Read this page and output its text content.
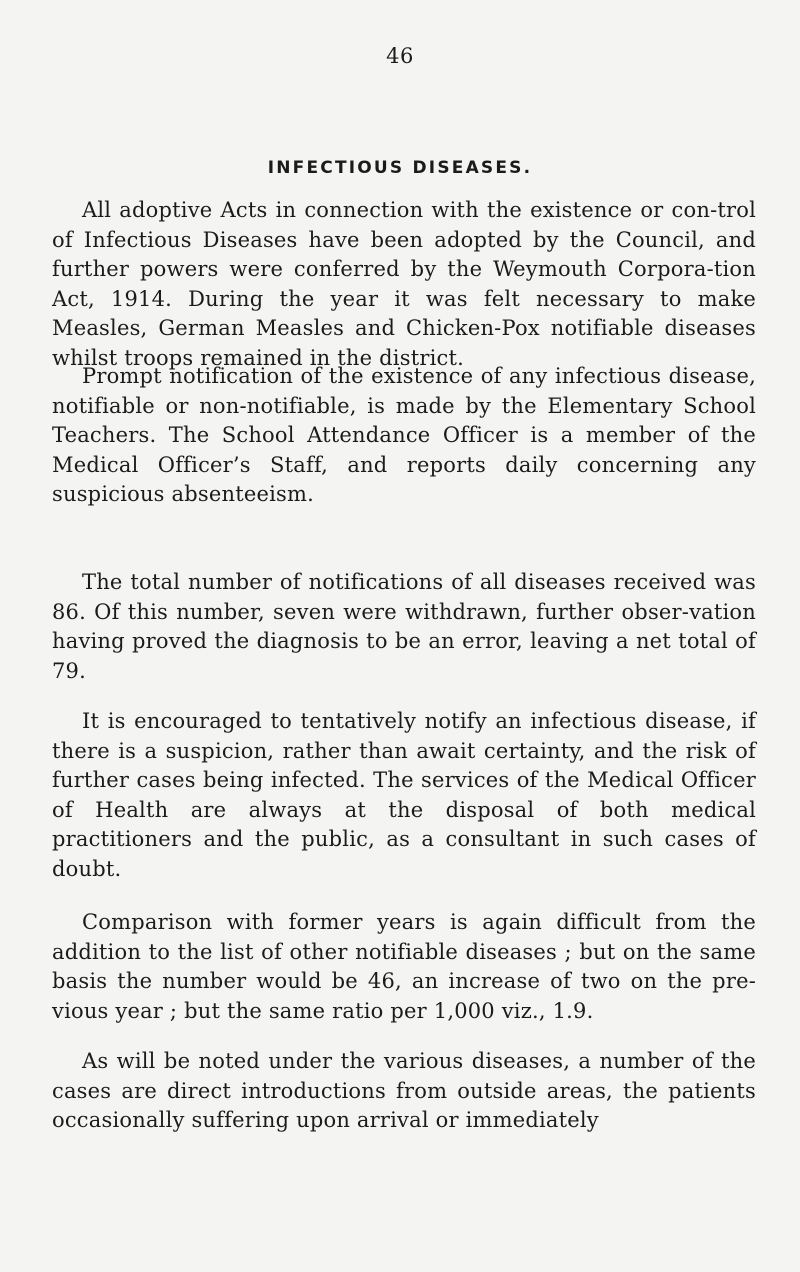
46
INFECTIOUS DISEASES.

All adoptive Acts in connection with the existence or con-trol of Infectious Diseases have been adopted by the Council, and further powers were conferred by the Weymouth Corpora-tion Act, 1914. During the year it was felt necessary to make Measles, German Measles and Chicken-Pox notifiable diseases whilst troops remained in the district.

Prompt notification of the existence of any infectious disease, notifiable or non-notifiable, is made by the Elementary School Teachers. The School Attendance Officer is a member of the Medical Officer’s Staff, and reports daily concerning any suspicious absenteeism.

The total number of notifications of all diseases received was 86. Of this number, seven were withdrawn, further obser-vation having proved the diagnosis to be an error, leaving a net total of 79.

It is encouraged to tentatively notify an infectious disease, if there is a suspicion, rather than await certainty, and the risk of further cases being infected. The services of the Medical Officer of Health are always at the disposal of both medical practitioners and the public, as a consultant in such cases of doubt.

Comparison with former years is again difficult from the addition to the list of other notifiable diseases ; but on the same basis the number would be 46, an increase of two on the pre-vious year ; but the same ratio per 1,000 viz., 1.9.

As will be noted under the various diseases, a number of the cases are direct introductions from outside areas, the patients occasionally suffering upon arrival or immediately
